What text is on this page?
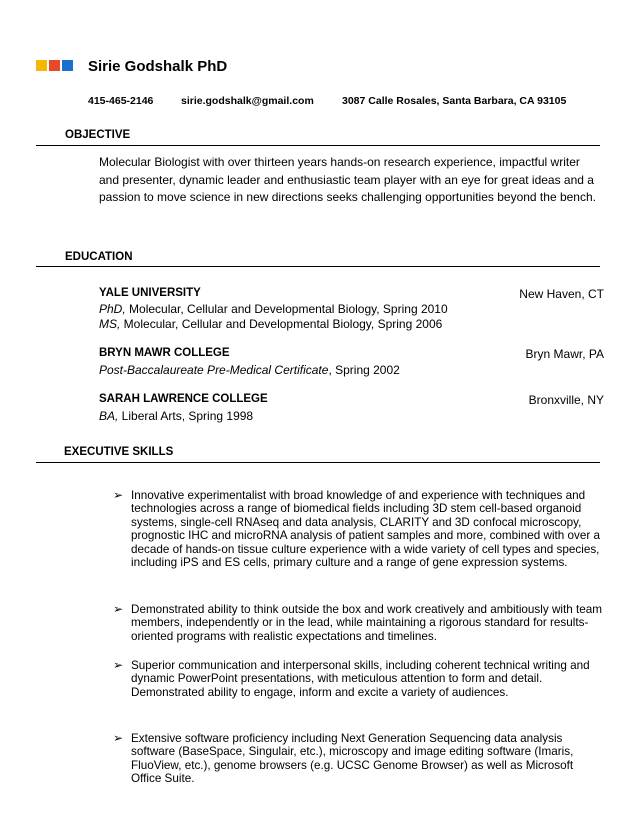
Sirie Godshalk PhD
415-465-2146	sirie.godshalk@gmail.com	3087 Calle Rosales, Santa Barbara, CA 93105
OBJECTIVE
Molecular Biologist with over thirteen years hands-on research experience, impactful writer and presenter, dynamic leader and enthusiastic team player with an eye for great ideas and a passion to move science in new directions seeks challenging opportunities beyond the bench.
EDUCATION
YALE UNIVERSITY	New Haven, CT
PhD, Molecular, Cellular and Developmental Biology, Spring 2010
MS, Molecular, Cellular and Developmental Biology, Spring 2006
BRYN MAWR COLLEGE	Bryn Mawr, PA
Post-Baccalaureate Pre-Medical Certificate, Spring 2002
SARAH LAWRENCE COLLEGE	Bronxville, NY
BA, Liberal Arts, Spring 1998
EXECUTIVE SKILLS
➢ Innovative experimentalist with broad knowledge of and experience with techniques and technologies across a range of biomedical fields including 3D stem cell-based organoid systems, single-cell RNAseq and data analysis, CLARITY and 3D confocal microscopy, prognostic IHC and microRNA analysis of patient samples and more, combined with over a decade of hands-on tissue culture experience with a wide variety of cell types and species, including iPS and ES cells, primary culture and a range of gene expression systems.
➢ Demonstrated ability to think outside the box and work creatively and ambitiously with team members, independently or in the lead, while maintaining a rigorous standard for results-oriented programs with realistic expectations and timelines.
➢ Superior communication and interpersonal skills, including coherent technical writing and dynamic PowerPoint presentations, with meticulous attention to form and detail. Demonstrated ability to engage, inform and excite a variety of audiences.
➢ Extensive software proficiency including Next Generation Sequencing data analysis software (BaseSpace, Singulair, etc.), microscopy and image editing software (Imaris, FluoView, etc.), genome browsers (e.g. UCSC Genome Browser) as well as Microsoft Office Suite.
